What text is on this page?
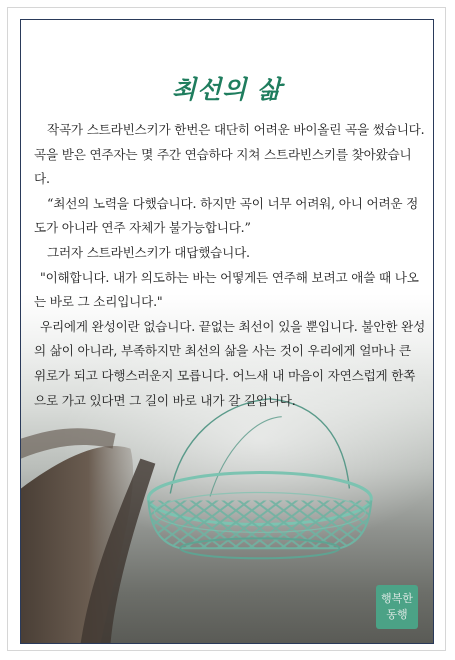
최선의 삶

작곡가 스트라빈스키가 한번은 대단히 어려운 바이올린 곡을 썼습니다. 곡을 받은 연주자는 몇 주간 연습하다 지쳐 스트라빈스키를 찾아왔습니다.

“최선의 노력을 다했습니다. 하지만 곡이 너무 어려워, 아니 어려운 정도가 아니라 연주 자체가 불가능합니다.”

그러자 스트라빈스키가 대답했습니다.

"이해합니다. 내가 의도하는 바는 어떻게든 연주해 보려고 애쓸 때 나오는 바로 그 소리입니다."

우리에게 완성이란 없습니다. 끝없는 최선이 있을 뿐입니다. 불안한 완성의 삶이 아니라, 부족하지만 최선의 삶을 사는 것이 우리에게 얼마나 큰 위로가 되고 다행스러운지 모릅니다. 어느새 내 마음이 자연스럽게 한쪽으로 가고 있다면 그 길이 바로 내가 갈 길입니다.

행복한
동행
